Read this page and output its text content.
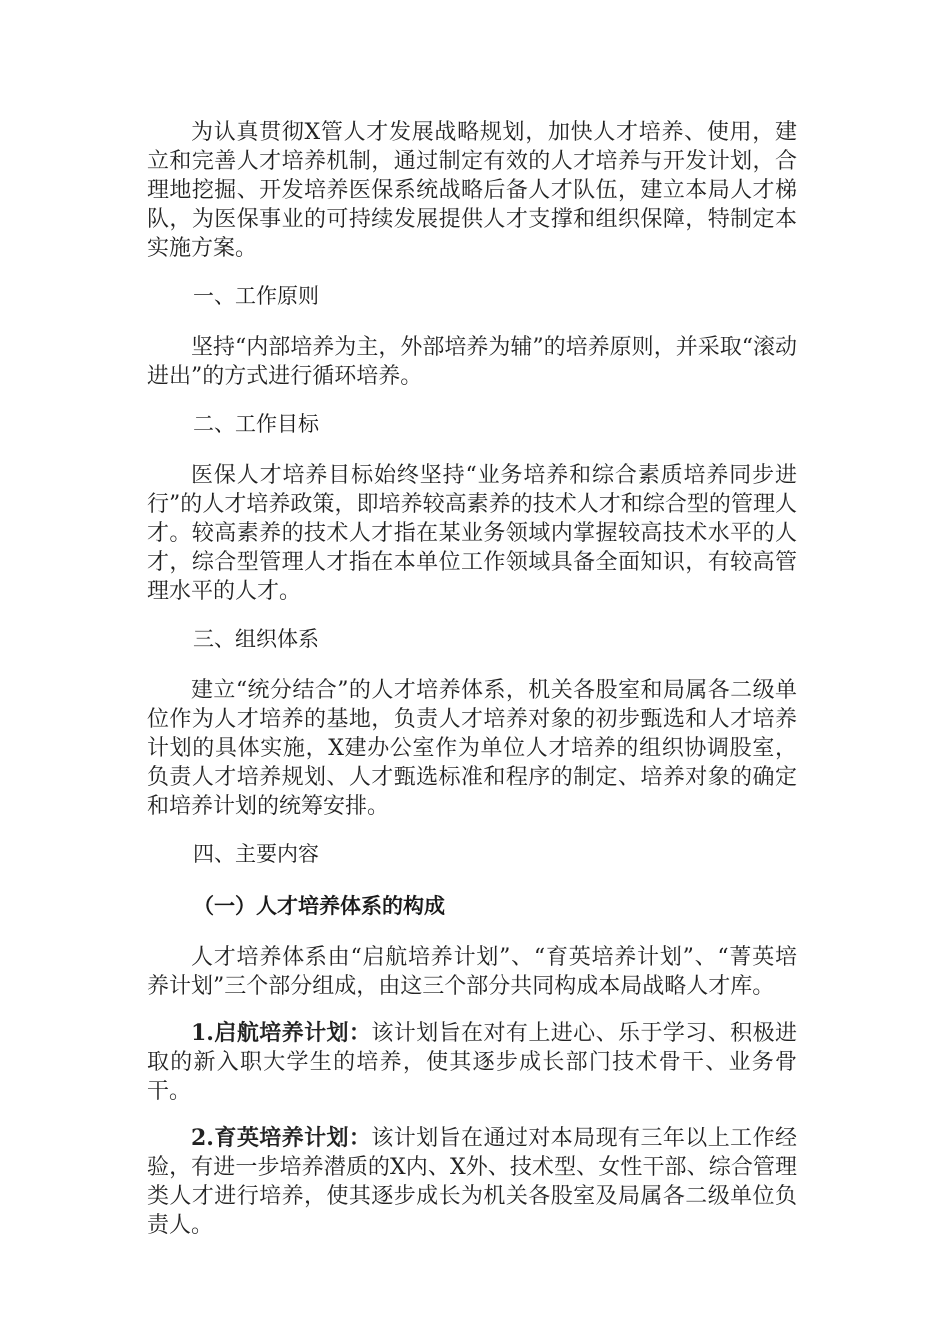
为认真贯彻X管人才发展战略规划，加快人才培养、使用，建立和完善人才培养机制，通过制定有效的人才培养与开发计划，合理地挖掘、开发培养医保系统战略后备人才队伍，建立本局人才梯队，为医保事业的可持续发展提供人才支撑和组织保障，特制定本实施方案。

一、工作原则

坚持“内部培养为主，外部培养为辅”的培养原则，并采取“滚动进出”的方式进行循环培养。

二、工作目标

医保人才培养目标始终坚持“业务培养和综合素质培养同步进行”的人才培养政策，即培养较高素养的技术人才和综合型的管理人才。较高素养的技术人才指在某业务领域内掌握较高技术水平的人才，综合型管理人才指在本单位工作领域具备全面知识，有较高管理水平的人才。

三、组织体系

建立“统分结合”的人才培养体系，机关各股室和局属各二级单位作为人才培养的基地，负责人才培养对象的初步甄选和人才培养计划的具体实施，X建办公室作为单位人才培养的组织协调股室，负责人才培养规划、人才甄选标准和程序的制定、培养对象的确定和培养计划的统筹安排。

四、主要内容
（一）人才培养体系的构成

人才培养体系由“启航培养计划”、“育英培养计划”、“菁英培养计划”三个部分组成，由这三个部分共同构成本局战略人才库。

1.启航培养计划：该计划旨在对有上进心、乐于学习、积极进取的新入职大学生的培养，使其逐步成长部门技术骨干、业务骨干。

2.育英培养计划：该计划旨在通过对本局现有三年以上工作经验，有进一步培养潜质的X内、X外、技术型、女性干部、综合管理类人才进行培养，使其逐步成长为机关各股室及局属各二级单位负责人。
